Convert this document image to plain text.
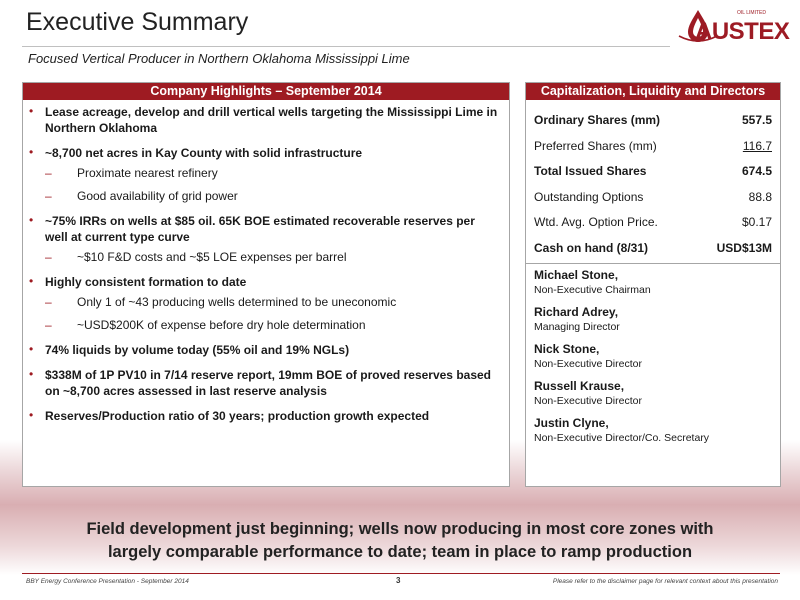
Executive Summary
Focused Vertical Producer in Northern Oklahoma Mississippi Lime
AUSTEX
OIL LIMITED
Company Highlights – September 2014
• Lease acreage, develop and drill vertical wells targeting the Mississippi Lime in Northern Oklahoma
• ~8,700 net acres in Kay County with solid infrastructure
– Proximate nearest refinery
– Good availability of grid power
• ~75% IRRs on wells at $85 oil. 65K BOE estimated recoverable reserves per well at current type curve
– ~$10 F&D costs and ~$5 LOE expenses per barrel
• Highly consistent formation to date
– Only 1 of ~43 producing wells determined to be uneconomic
– ~USD$200K of expense before dry hole determination
• 74% liquids by volume today (55% oil and 19% NGLs)
• $338M of 1P PV10 in 7/14 reserve report, 19mm BOE of proved reserves based on ~8,700 acres assessed in last reserve analysis
• Reserves/Production ratio of 30 years; production growth expected
Capitalization, Liquidity and Directors
Ordinary Shares (mm)	557.5
Preferred Shares (mm)	116.7
Total Issued Shares	674.5
Outstanding Options	88.8
Wtd. Avg. Option Price.	$0.17
Cash on hand (8/31)	USD$13M
Michael Stone,
Non-Executive Chairman
Richard Adrey,
Managing Director
Nick Stone,
Non-Executive Director
Russell Krause,
Non-Executive Director
Justin Clyne,
Non-Executive Director/Co. Secretary
Field development just beginning; wells now producing in most core zones with
largely comparable performance to date; team in place to ramp production
BBY Energy Conference Presentation - September 2014	3	Please refer to the disclaimer page for relevant context about this presentation
